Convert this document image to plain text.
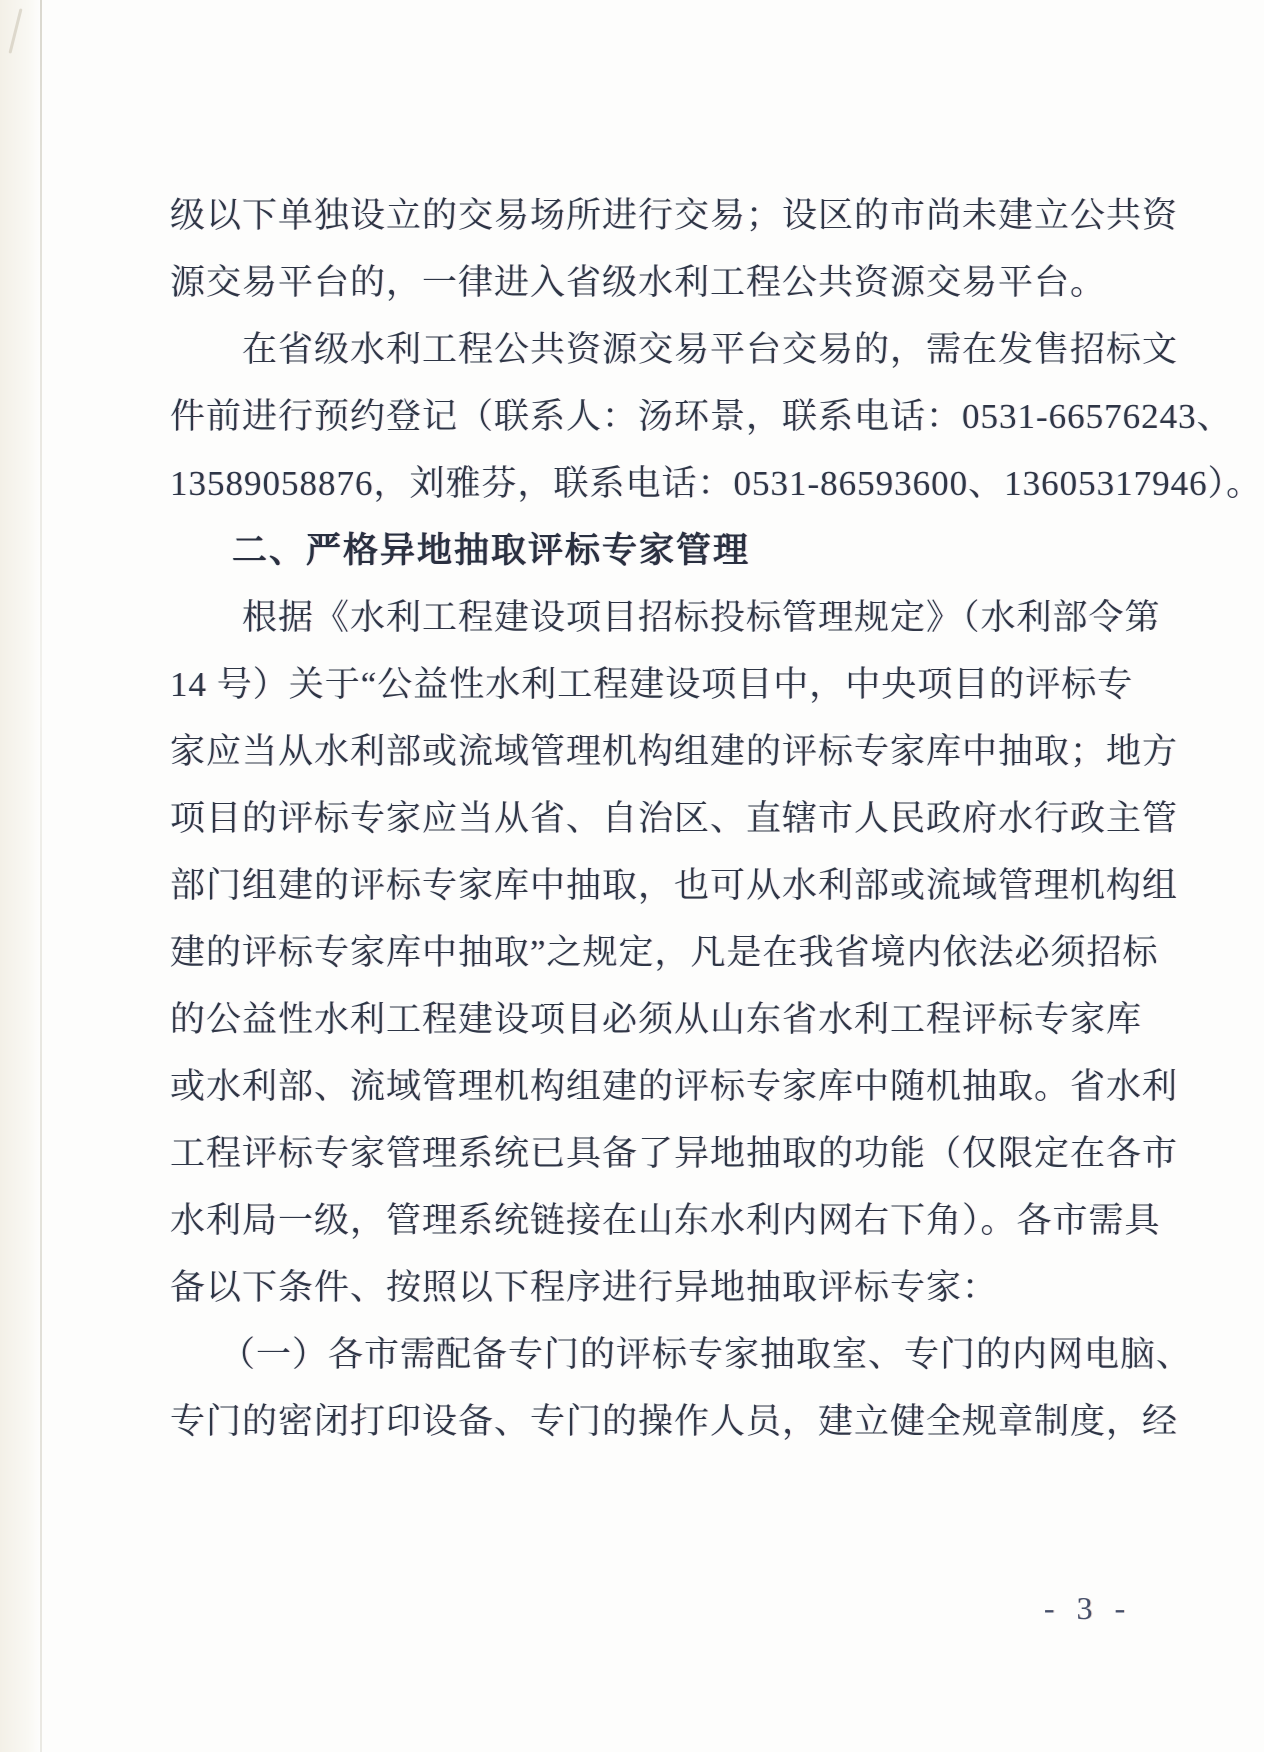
级以下单独设立的交易场所进行交易；设区的市尚未建立公共资
源交易平台的，一律进入省级水利工程公共资源交易平台。
在省级水利工程公共资源交易平台交易的，需在发售招标文
件前进行预约登记（联系人：汤环景，联系电话：0531-66576243、
13589058876，刘雅芬，联系电话：0531-86593600、13605317946）。
二、严格异地抽取评标专家管理
根据《水利工程建设项目招标投标管理规定》（水利部令第
14 号）关于“公益性水利工程建设项目中，中央项目的评标专
家应当从水利部或流域管理机构组建的评标专家库中抽取；地方
项目的评标专家应当从省、自治区、直辖市人民政府水行政主管
部门组建的评标专家库中抽取，也可从水利部或流域管理机构组
建的评标专家库中抽取”之规定，凡是在我省境内依法必须招标
的公益性水利工程建设项目必须从山东省水利工程评标专家库
或水利部、流域管理机构组建的评标专家库中随机抽取。省水利
工程评标专家管理系统已具备了异地抽取的功能（仅限定在各市
水利局一级，管理系统链接在山东水利内网右下角）。各市需具
备以下条件、按照以下程序进行异地抽取评标专家：
（一）各市需配备专门的评标专家抽取室、专门的内网电脑、
专门的密闭打印设备、专门的操作人员，建立健全规章制度，经
- 3 -
